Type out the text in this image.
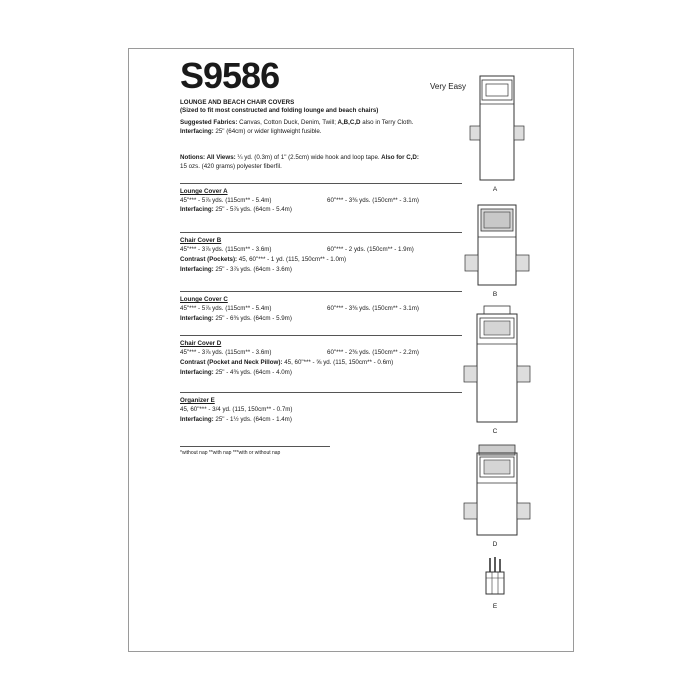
S9586	Very Easy
LOUNGE AND BEACH CHAIR COVERS
(Sized to fit most constructed and folding lounge and beach chairs)
Suggested Fabrics: Canvas, Cotton Duck, Denim, Twill; A,B,C,D also in Terry Cloth.
Interfacing: 25" (64cm) or wider lightweight fusible.
Notions: All Views: ¼ yd. (0.3m) of 1" (2.5cm) wide hook and loop tape. Also for C,D:
15 ozs. (420 grams) polyester fiberfil.
Lounge Cover A
45"*** - 5⅞ yds. (115cm** - 5.4m)	60"*** - 3⅜ yds. (150cm** - 3.1m)
Interfacing: 25" - 5⅞ yds. (64cm - 5.4m)
Chair Cover B
45"*** - 3⅞ yds. (115cm** - 3.6m)	60"*** - 2 yds. (150cm** - 1.9m)
Contrast (Pockets): 45, 60"*** - 1 yd. (115, 150cm** - 1.0m)
Interfacing: 25" - 3⅞ yds. (64cm - 3.6m)
Lounge Cover C
45"*** - 5⅞ yds. (115cm** - 5.4m)	60"*** - 3⅜ yds. (150cm** - 3.1m)
Interfacing: 25" - 6⅜ yds. (64cm - 5.9m)
Chair Cover D
45"*** - 3⅞ yds. (115cm** - 3.6m)	60"*** - 2⅜ yds. (150cm** - 2.2m)
Contrast (Pocket and Neck Pillow): 45, 60"*** - ⅝ yd. (115, 150cm** - 0.6m)
Interfacing: 25" - 4⅜ yds. (64cm - 4.0m)
Organizer E
45, 60"*** - 3/4 yd. (115, 150cm** - 0.7m)
Interfacing: 25" - 1½ yds. (64cm - 1.4m)
*without nap **with nap ***with or without nap
A
B
C
D
E
